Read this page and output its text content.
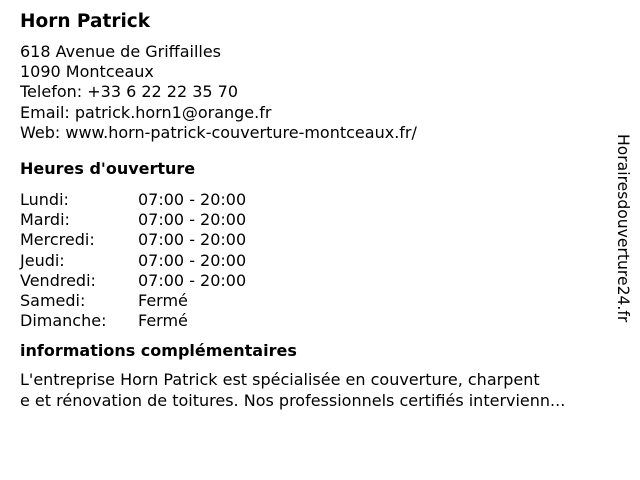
Horn Patrick
618 Avenue de Griffailles
1090 Montceaux
Telefon: +33 6 22 22 35 70
Email: patrick.horn1@orange.fr
Web: www.horn-patrick-couverture-montceaux.fr/
Heures d'ouverture
Lundi:	07:00 - 20:00
Mardi:	07:00 - 20:00
Mercredi:	07:00 - 20:00
Jeudi:	07:00 - 20:00
Vendredi:	07:00 - 20:00
Samedi:	Fermé
Dimanche:	Fermé
informations complémentaires
L'entreprise Horn Patrick est spécialisée en couverture, charpent
e et rénovation de toitures. Nos professionnels certifiés intervienn...
Horairesdouverture24.fr
